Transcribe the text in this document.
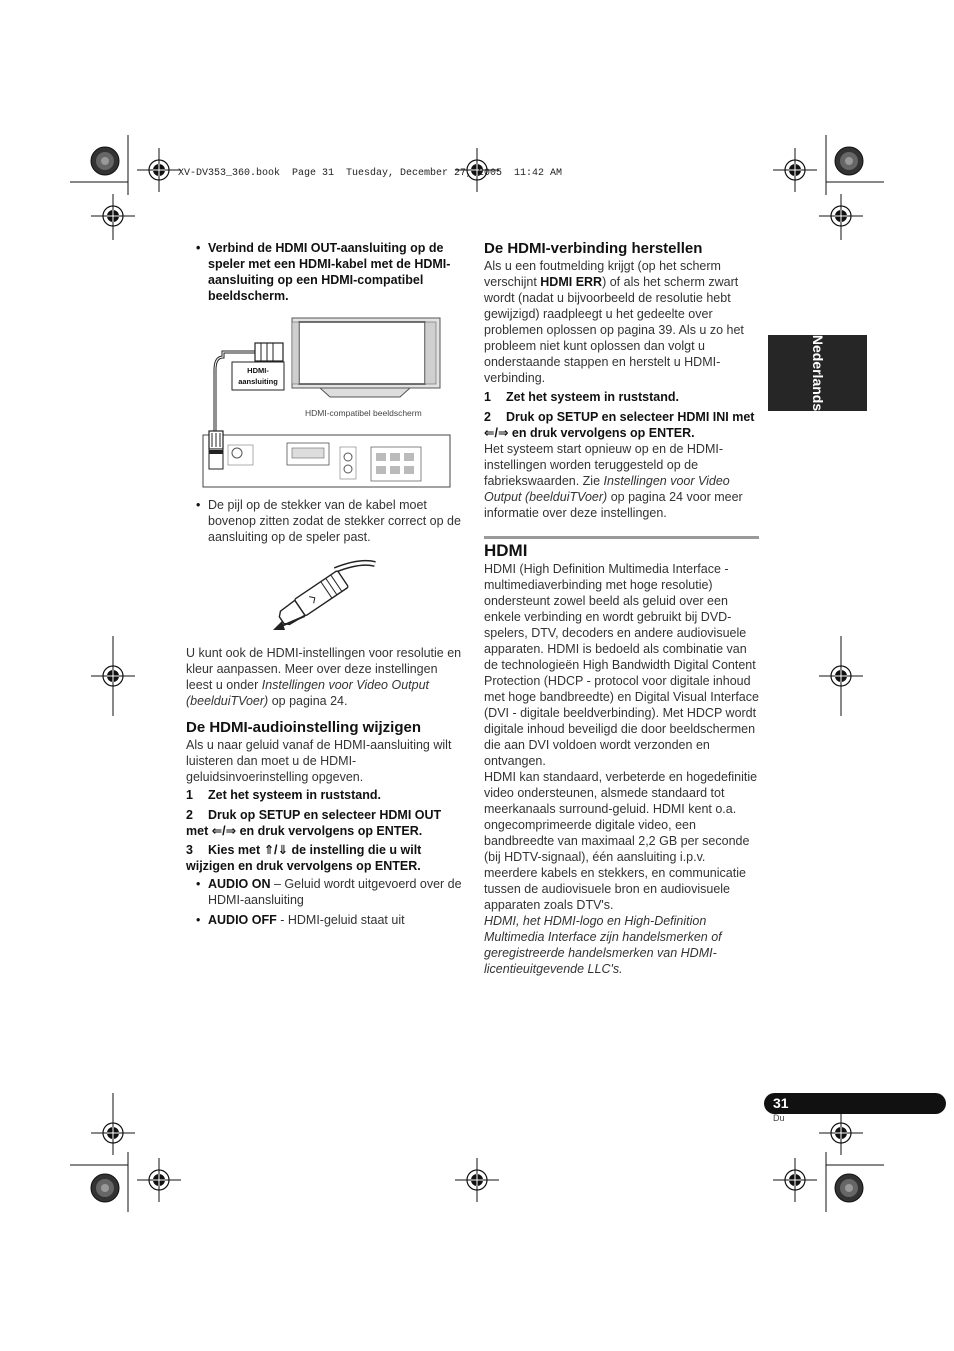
XV-DV353_360.book  Page 31  Tuesday, December 27, 2005  11:42 AM
Nederlands

• Verbind de HDMI OUT-aansluiting op de speler met een HDMI-kabel met de HDMI-aansluiting op een HDMI-compatibel beeldscherm.

HDMI-
aansluiting
HDMI-compatibel beeldscherm

• De pijl op de stekker van de kabel moet bovenop zitten zodat de stekker correct op de aansluiting op de speler past.

U kunt ook de HDMI-instellingen voor resolutie en kleur aanpassen. Meer over deze instellingen leest u onder Instellingen voor Video Output (beelduiTVoer) op pagina 24.

De HDMI-audioinstelling wijzigen

Als u naar geluid vanaf de HDMI-aansluiting wilt luisteren dan moet u de HDMI-geluidsinvoerinstelling opgeven.

1 Zet het systeem in ruststand.

2 Druk op SETUP en selecteer HDMI OUT met ⇐/⇒ en druk vervolgens op ENTER.

3 Kies met ⇑/⇓ de instelling die u wilt wijzigen en druk vervolgens op ENTER.

• AUDIO ON – Geluid wordt uitgevoerd over de HDMI-aansluiting

• AUDIO OFF - HDMI-geluid staat uit

De HDMI-verbinding herstellen

Als u een foutmelding krijgt (op het scherm verschijnt HDMI ERR) of als het scherm zwart wordt (nadat u bijvoorbeeld de resolutie hebt gewijzigd) raadpleegt u het gedeelte over problemen oplossen op pagina 39. Als u zo het probleem niet kunt oplossen dan volgt u onderstaande stappen en herstelt u HDMI-verbinding.

1 Zet het systeem in ruststand.

2 Druk op SETUP en selecteer HDMI INI met ⇐/⇒ en druk vervolgens op ENTER.

Het systeem start opnieuw op en de HDMI-instellingen worden teruggesteld op de fabriekswaarden. Zie Instellingen voor Video Output (beelduiTVoer) op pagina 24 voor meer informatie over deze instellingen.

HDMI

HDMI (High Definition Multimedia Interface - multimediaverbinding met hoge resolutie) ondersteunt zowel beeld als geluid over een enkele verbinding en wordt gebruikt bij DVD-spelers, DTV, decoders en andere audiovisuele apparaten. HDMI is bedoeld als combinatie van de technologieën High Bandwidth Digital Content Protection (HDCP - protocol voor digitale inhoud met hoge bandbreedte) en Digital Visual Interface (DVI - digitale beeldverbinding). Met HDCP wordt digitale inhoud beveiligd die door beeldschermen die aan DVI voldoen wordt verzonden en ontvangen.

HDMI kan standaard, verbeterde en hogedefinitie video ondersteunen, alsmede standaard tot meerkanaals surround-geluid. HDMI kent o.a. ongecomprimeerde digitale video, een bandbreedte van maximaal 2,2 GB per seconde (bij HDTV-signaal), één aansluiting i.p.v. meerdere kabels en stekkers, en communicatie tussen de audiovisuele bron en audiovisuele apparaten zoals DTV's.

HDMI, het HDMI-logo en High-Definition Multimedia Interface zijn handelsmerken of geregistreerde handelsmerken van HDMI-licentieuitgevende LLC's.

31
Du
